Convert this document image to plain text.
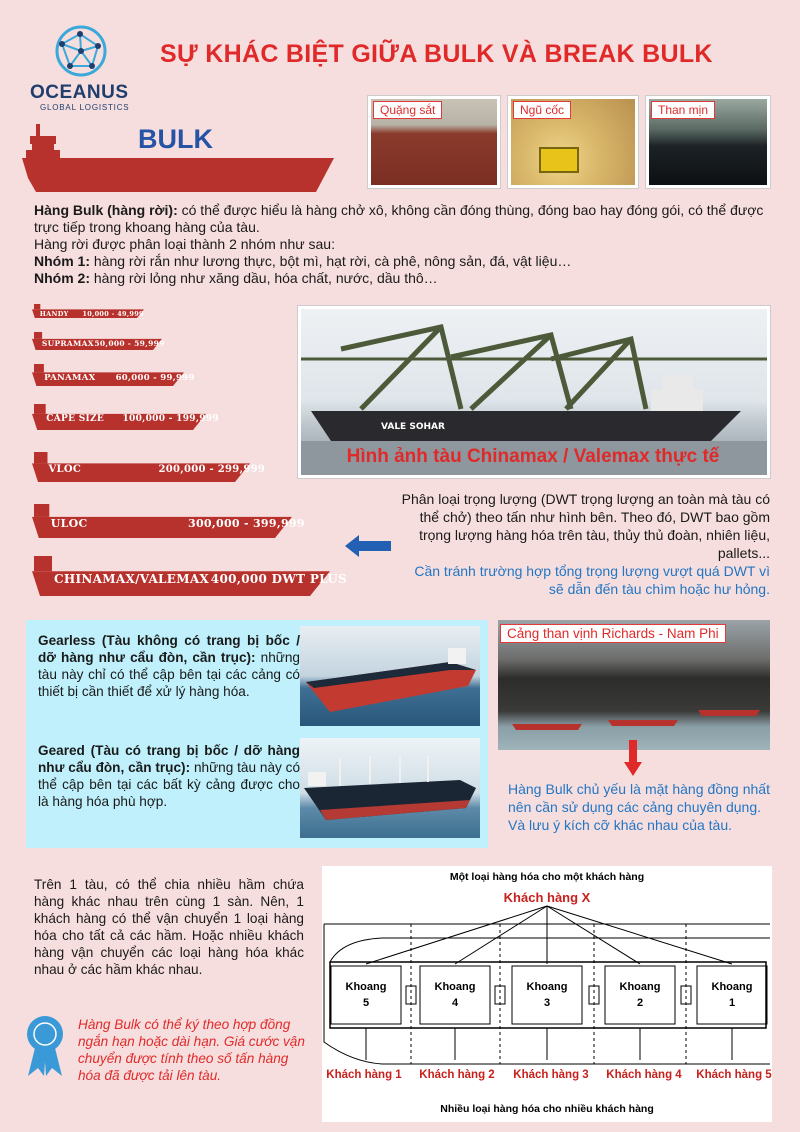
OCEANUS
GLOBAL LOGISTICS
SỰ KHÁC BIỆT GIỮA BULK VÀ BREAK BULK
BULK
Quặng sắt	Ngũ cốc	Than mịn
Hàng Bulk (hàng rời): có thể được hiểu là hàng chở xô, không cần đóng thùng, đóng bao hay đóng gói, có thể được trực tiếp trong khoang hàng của tàu.
Hàng rời được phân loại thành 2 nhóm như sau:
Nhóm 1: hàng rời rắn như lương thực, bột mì, hạt rời, cà phê, nông sản, đá, vật liệu…
Nhóm 2: hàng rời lỏng như xăng dầu, hóa chất, nước, dầu thô…
HANDY 10,000 - 49,999
SUPRAMAX 50,000 - 59,999
PANAMAX 60,000 - 99,999
CAPE SIZE 100,000 - 199,999
VLOC	200,000 - 299,999
ULOC	300,000 - 399,999
CHINAMAX/VALEMAX 400,000 DWT PLUS
VALE SOHAR
Hình ảnh tàu Chinamax / Valemax thực tế
Phân loại trọng lượng (DWT trọng lượng an toàn mà tàu có thể chở) theo tấn như hình bên. Theo đó, DWT bao gồm trọng lượng hàng hóa trên tàu, thủy thủ đoàn, nhiên liệu, pallets...
Cần tránh trường hợp tổng trọng lượng vượt quá DWT vì sẽ dẫn đến tàu chìm hoặc hư hỏng.
Gearless (Tàu không có trang bị bốc / dỡ hàng như cẩu đòn, cần trục): những tàu này chỉ có thể cập bên tại các cảng có thiết bị cần thiết để xử lý hàng hóa.
Geared (Tàu có trang bị bốc / dỡ hàng như cẩu đòn, cần trục): những tàu này có thể cập bên tại các bất kỳ cảng được cho là hàng hóa phù hợp.
Cảng than vịnh Richards - Nam Phi
Hàng Bulk chủ yếu là mặt hàng đồng nhất nên cần sử dụng các cảng chuyên dụng.
Và lưu ý kích cỡ khác nhau của tàu.
Trên 1 tàu, có thể chia nhiều hầm chứa hàng khác nhau trên cùng 1 sàn. Nên, 1 khách hàng có thể vận chuyển 1 loại hàng hóa cho tất cả các hầm. Hoặc nhiều khách hàng vận chuyển các loại hàng hóa khác nhau ở các hầm khác nhau.
Hàng Bulk có thể ký theo hợp đồng ngắn hạn hoặc dài hạn. Giá cước vận chuyển được tính theo số tấn hàng hóa đã được tải lên tàu.
Một loại hàng hóa cho một khách hàng
Khách hàng X
Khoang
5
Khoang
4
Khoang
3
Khoang
2
Khoang
1
Khách hàng 1 Khách hàng 2 Khách hàng 3 Khách hàng 4 Khách hàng 5
Nhiều loại hàng hóa cho nhiều khách hàng
